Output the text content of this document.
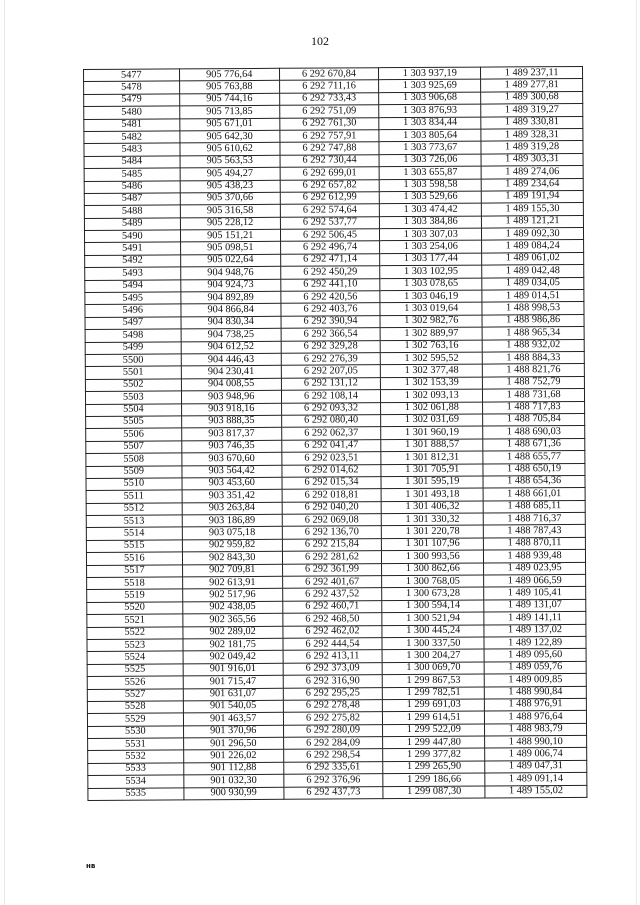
102
5477	905 776,64	6 292 670,84	1 303 937,19	1 489 237,11
5478	905 763,88	6 292 711,16	1 303 925,69	1 489 277,81
5479	905 744,16	6 292 733,43	1 303 906,68	1 489 300,68
5480	905 713,85	6 292 751,09	1 303 876,93	1 489 319,27
5481	905 671,01	6 292 761,30	1 303 834,44	1 489 330,81
5482	905 642,30	6 292 757,91	1 303 805,64	1 489 328,31
5483	905 610,62	6 292 747,88	1 303 773,67	1 489 319,28
5484	905 563,53	6 292 730,44	1 303 726,06	1 489 303,31
5485	905 494,27	6 292 699,01	1 303 655,87	1 489 274,06
5486	905 438,23	6 292 657,82	1 303 598,58	1 489 234,64
5487	905 370,66	6 292 612,99	1 303 529,66	1 489 191,94
5488	905 316,58	6 292 574,64	1 303 474,42	1 489 155,30
5489	905 228,12	6 292 537,77	1 303 384,86	1 489 121,21
5490	905 151,21	6 292 506,45	1 303 307,03	1 489 092,30
5491	905 098,51	6 292 496,74	1 303 254,06	1 489 084,24
5492	905 022,64	6 292 471,14	1 303 177,44	1 489 061,02
5493	904 948,76	6 292 450,29	1 303 102,95	1 489 042,48
5494	904 924,73	6 292 441,10	1 303 078,65	1 489 034,05
5495	904 892,89	6 292 420,56	1 303 046,19	1 489 014,51
5496	904 866,84	6 292 403,76	1 303 019,64	1 488 998,53
5497	904 830,34	6 292 390,94	1 302 982,76	1 488 986,86
5498	904 738,25	6 292 366,54	1 302 889,97	1 488 965,34
5499	904 612,52	6 292 329,28	1 302 763,16	1 488 932,02
5500	904 446,43	6 292 276,39	1 302 595,52	1 488 884,33
5501	904 230,41	6 292 207,05	1 302 377,48	1 488 821,76
5502	904 008,55	6 292 131,12	1 302 153,39	1 488 752,79
5503	903 948,96	6 292 108,14	1 302 093,13	1 488 731,68
5504	903 918,16	6 292 093,32	1 302 061,88	1 488 717,83
5505	903 888,35	6 292 080,40	1 302 031,69	1 488 705,84
5506	903 817,37	6 292 062,37	1 301 960,19	1 488 690,03
5507	903 746,35	6 292 041,47	1 301 888,57	1 488 671,36
5508	903 670,60	6 292 023,51	1 301 812,31	1 488 655,77
5509	903 564,42	6 292 014,62	1 301 705,91	1 488 650,19
5510	903 453,60	6 292 015,34	1 301 595,19	1 488 654,36
5511	903 351,42	6 292 018,81	1 301 493,18	1 488 661,01
5512	903 263,84	6 292 040,20	1 301 406,32	1 488 685,11
5513	903 186,89	6 292 069,08	1 301 330,32	1 488 716,37
5514	903 075,18	6 292 136,70	1 301 220,78	1 488 787,43
5515	902 959,82	6 292 215,84	1 301 107,96	1 488 870,11
5516	902 843,30	6 292 281,62	1 300 993,56	1 488 939,48
5517	902 709,81	6 292 361,99	1 300 862,66	1 489 023,95
5518	902 613,91	6 292 401,67	1 300 768,05	1 489 066,59
5519	902 517,96	6 292 437,52	1 300 673,28	1 489 105,41
5520	902 438,05	6 292 460,71	1 300 594,14	1 489 131,07
5521	902 365,56	6 292 468,50	1 300 521,94	1 489 141,11
5522	902 289,02	6 292 462,02	1 300 445,24	1 489 137,02
5523	902 181,75	6 292 444,54	1 300 337,50	1 489 122,89
5524	902 049,42	6 292 413,11	1 300 204,27	1 489 095,60
5525	901 916,01	6 292 373,09	1 300 069,70	1 489 059,76
5526	901 715,47	6 292 316,90	1 299 867,53	1 489 009,85
5527	901 631,07	6 292 295,25	1 299 782,51	1 488 990,84
5528	901 540,05	6 292 278,48	1 299 691,03	1 488 976,91
5529	901 463,57	6 292 275,82	1 299 614,51	1 488 976,64
5530	901 370,96	6 292 280,09	1 299 522,09	1 488 983,79
5531	901 296,50	6 292 284,09	1 299 447,80	1 488 990,10
5532	901 226,02	6 292 298,54	1 299 377,82	1 489 006,74
5533	901 112,88	6 292 335,61	1 299 265,90	1 489 047,31
5534	901 032,30	6 292 376,96	1 299 186,66	1 489 091,14
5535	900 930,99	6 292 437,73	1 299 087,30	1 489 155,02
нв
